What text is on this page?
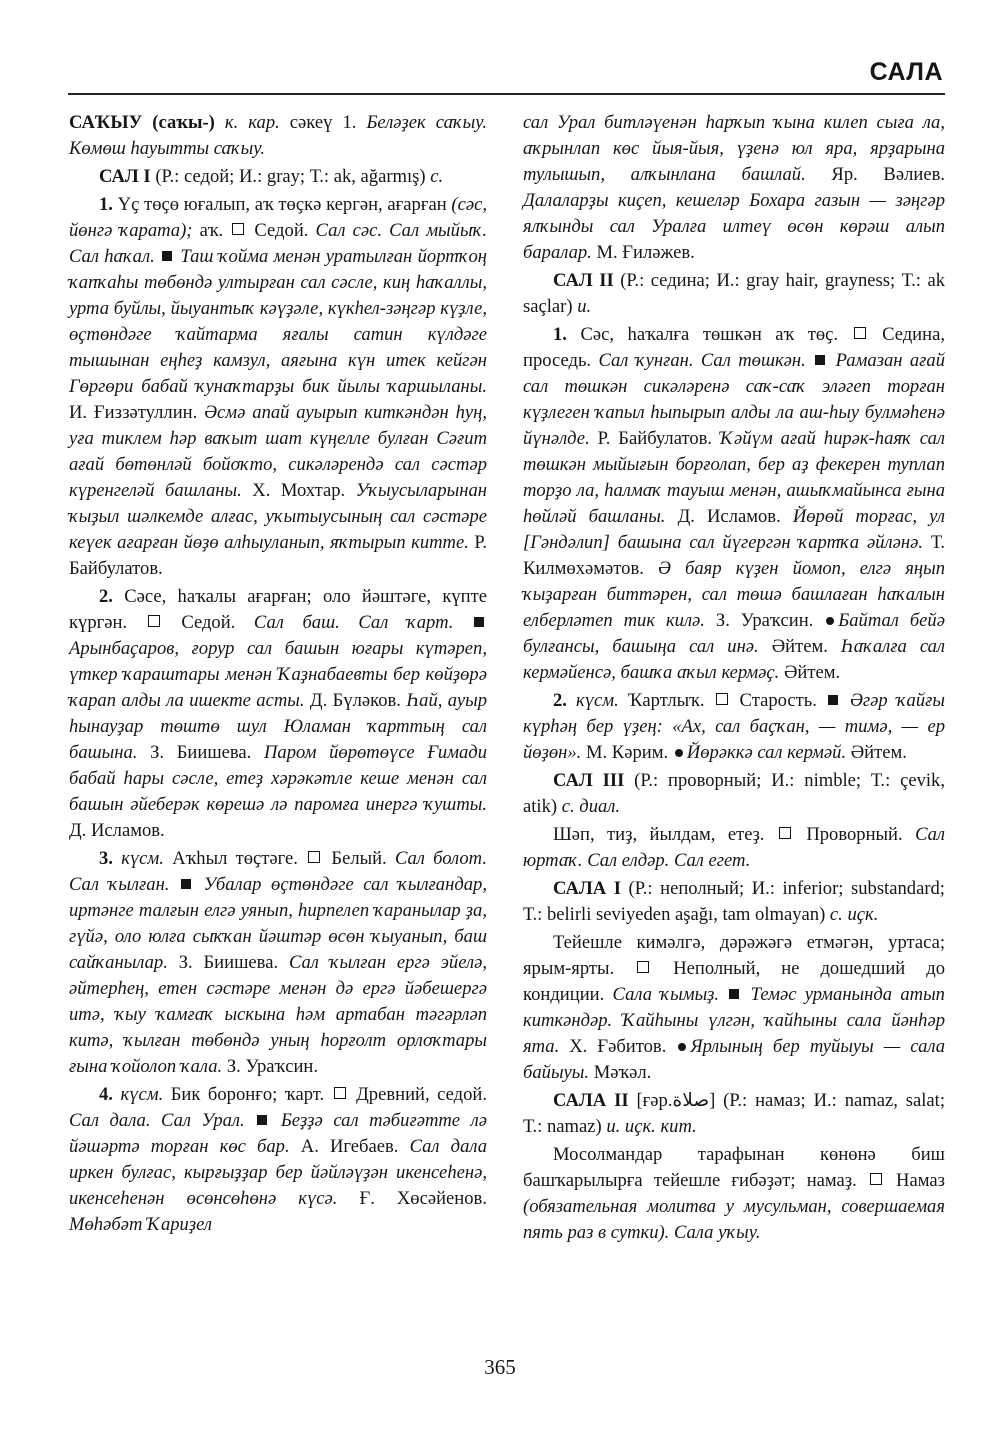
САЛА

САҠЫУ (саҡы-) к. кар. сәкеү 1. Беләҙек саҡыу. Көмөш һауытты саҡыу.

САЛ I (Р.: седой; И.: gray; Т.: ak, ağarmış) с.

1. Үҫ төҫө юғалып, аҡ төҫкә кергән, ағарған (сәс, йөнгә ҡарата); аҡ.  Седой. Сал сәс. Сал мыйыҡ. Сал һаҡал.  Таш ҡойма менән уратылған йортҡоң ҡапҡаһы төбөндә ултырған сал сәсле, киң һаҡаллы, урта буйлы, йыуантыҡ кәүҙәле, күкһел-зәңгәр күҙле, өҫтөндәге ҡайтарма яғалы сатин күлдәге тышынан еңһеҙ камзул, аяғына күн итек кейгән Гөргөри бабай ҡунаҡтарҙы бик йылы ҡаршыланы. И. Ғиззәтуллин. Әсмә апай ауырып киткәндән һуң, уға тиклем һәр ваҡыт шат күңелле булған Сәғит ағай бөтөнләй бойоҡто, сикәләрендә сал сәстәр күренгеләй башланы. Х. Мохтар. Уҡыусыларынан ҡыҙыл шәлкемде алғас, уҡытыусының сал сәстәре кеүек ағарған йөҙө алһыуланып, яҡтырып китте. Р. Байбулатов.

2. Сәсе, һаҡалы ағарған; оло йәштәге, күпте күргән.  Седой. Сал баш. Сал ҡарт.  Арынбаҫаров, ғорур сал башын юғары күтәреп, үткер ҡараштары менән Ҡаҙнабаевты бер көйҙөрә ҡарап алды ла ишекте асты. Д. Бүләков. Һай, ауыр һынауҙар төштө шул Юламан ҡарттың сал башына. З. Биишева. Паром йөрөтөүсе Ғимади бабай һары сәсле, етеҙ хәрәкәтле кеше менән сал башын әйеберәк көрешә лә паромға инергә ҡушты. Д. Исламов.

3. күсм. Аҡһыл төҫтәге.  Белый. Сал болот. Сал ҡылған.  Убалар өҫтөндәге сал ҡылғандар, иртәнге талғын елгә уянып, һирпелеп ҡаранылар ҙа, гүйә, оло юлға сыҡҡан йәштәр өсөн ҡыуанып, баш сайҡанылар. З. Биишева. Сал ҡылған ергә эйелә, әйтерһең, етен сәстәре менән дә ергә йәбешергә итә, ҡыу ҡамғаҡ ыскына һәм артабан тәгәрләп китә, ҡылған төбөндә уның һорғолт орлоҡтары ғына ҡойолоп ҡала. З. Ураҡсин.

4. күсм. Бик боронғо; ҡарт.  Древний, седой. Сал дала. Сал Урал.  Беҙҙә сал тәбиғәтте лә йәшәртә торған көс бар. А. Игебаев. Сал дала иркен булғас, кырғыҙҙар бер йәйләүҙән икенсеһенә, икенсеһенән өсөнсөһөнә күсә. Ғ. Хөсәйенов. Мөһәбәт Ҡариҙел

сал Урал битләүенән һарҡып ҡына килеп сыға ла, аҡрынлап көс йыя-йыя, үҙенә юл яра, ярҙарына тулышып, алҡынлана башлай. Яр. Вәлиев. Далаларҙы киҫеп, кешеләр Бохара газын — зәңгәр ялҡынды сал Уралға илтеү өсөн көрәш алып баралар. М. Ғиләжев.

САЛ II (Р.: седина; И.: gray hair, grayness; Т.: ak saçlar) и.

1. Сәс, һаҡалға төшкән аҡ төҫ.  Седина, проседь. Сал ҡунған. Сал төшкән.  Рамазан ағай сал төшкән сикәләренә саҡ-саҡ эләгеп торған күҙлеген ҡапыл һыпырып алды ла аш-һыу булмәһенә йүнәлде. Р. Байбулатов. Ҡәйүм ағай һирәк-һаяҡ сал төшкән мыйығын борғолап, бер аҙ фекерен туплап торҙо ла, һалмаҡ тауыш менән, ашыҡмайынса ғына һөйләй башланы. Д. Исламов. Йөрөй торғас, ул [Гәндәлип] башына сал йүгергән ҡартҡа әйләнә. Т. Килмөхәмәтов. Ә баяр күҙен йомоп, елгә яңып ҡыҙарған биттәрен, сал төшә башлаған һаҡалын елберләтеп тик килә. З. Ураҡсин. Байтал бейә булғансы, башыңа сал инә. Әйтем. Һаҡалға сал кермәйенсә, башҡа аҡыл кермәҫ. Әйтем.

2. күсм. Ҡартлыҡ.  Старость.  Әгәр ҡайғы күрһәң бер үҙең: «Ах, сал баҫҡан, — тимә, — ер йөҙөн». М. Кәрим. Йөрәккә сал кермәй. Әйтем.

САЛ III (Р.: проворный; И.: nimble; Т.: çevik, atik) с. диал.

Шәп, тиҙ, йылдам, етеҙ.  Проворный. Сал юртаҡ. Сал елдәр. Сал егет.

САЛА I (Р.: неполный; И.: inferior; substandard; Т.: belirli seviyeden aşağı, tam olmayan) с. иҫк.

Тейешле кимәлгә, дәрәжәгә етмәгән, уртаса; ярым-ярты.  Неполный, не дошедший до кондиции. Сала ҡымыҙ.  Темәс урманында атып киткәндәр. Ҡайһыны үлгән, ҡайһыны сала йәнһәр ята. Х. Ғәбитов. Ярлының бер туйыуы — сала байыуы. Мәҡәл.

САЛА II [ғәр.صلاة] (Р.: намаз; И.: namaz, salat; Т.: namaz) и. иҫк. кит.

Мосолмандар тарафынан көнөнә биш башҡарылырға тейешле ғибәҙәт; намаҙ.  Намаз (обязательная молитва у мусульман, совершаемая пять раз в сутки). Сала уҡыу.

365
